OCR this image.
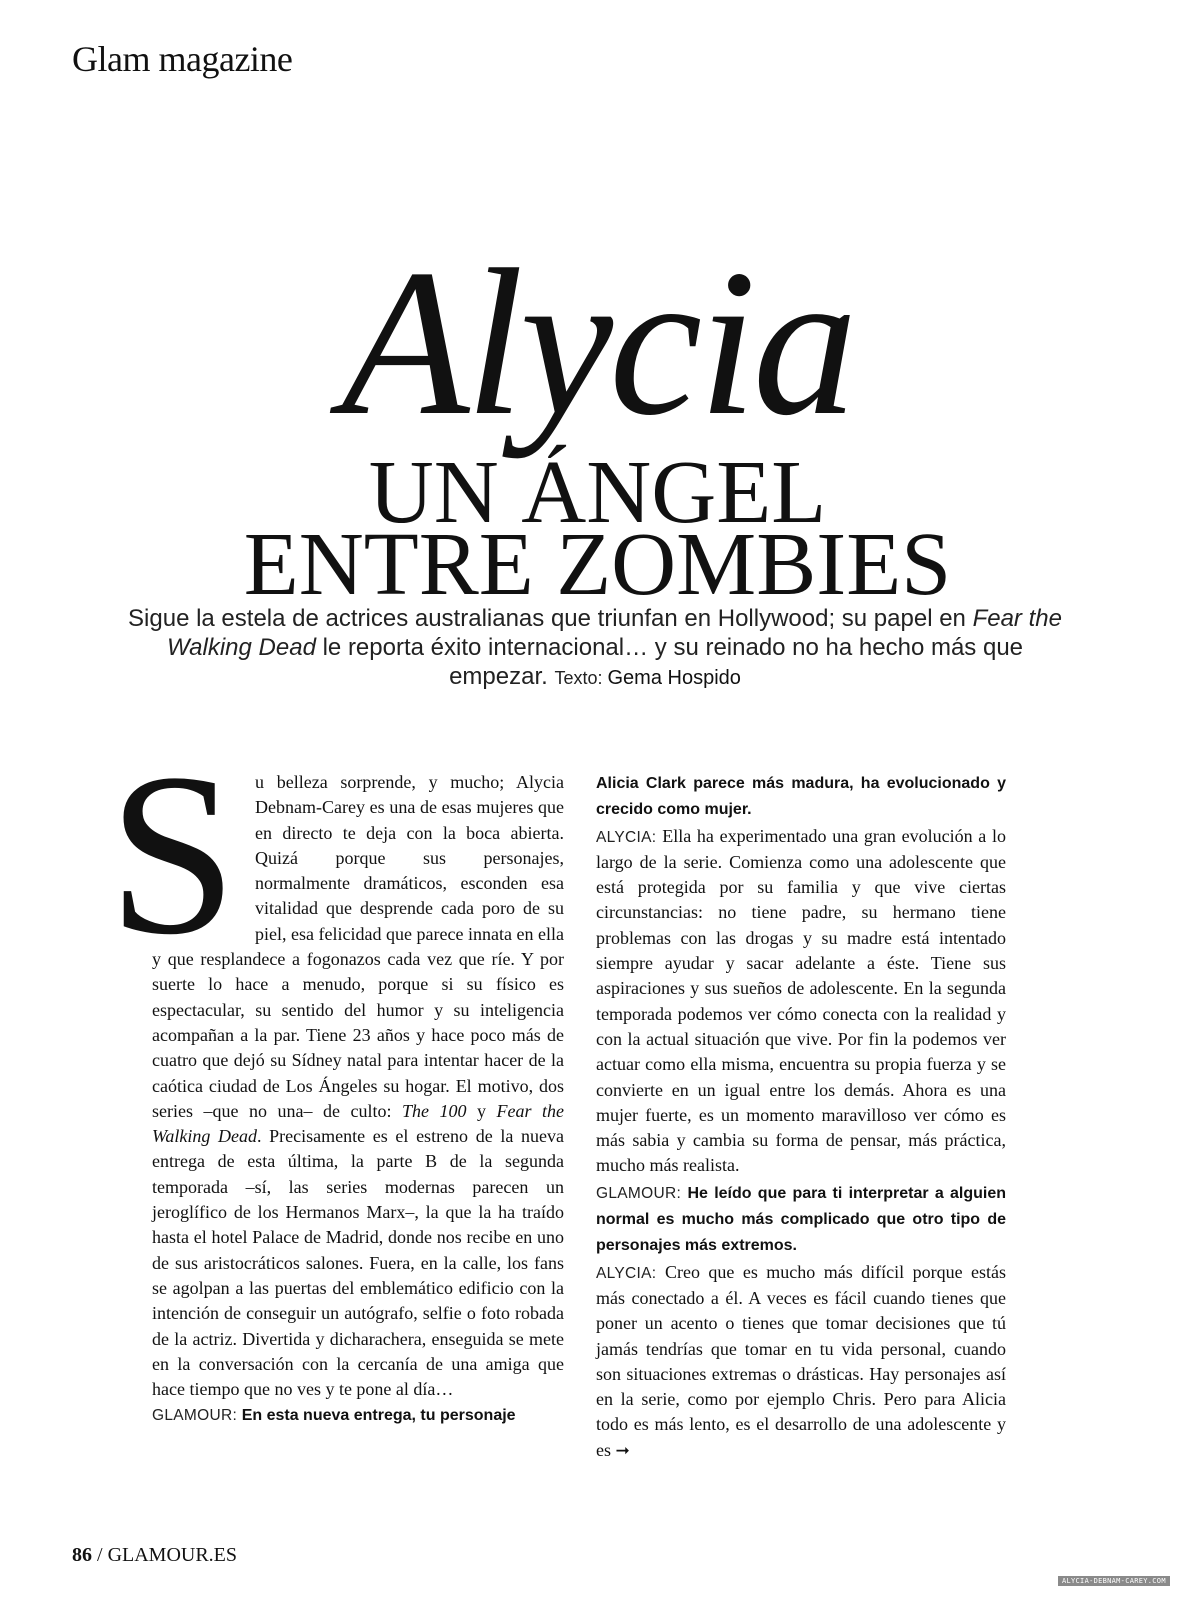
Glam magazine
Alycia
UN ÁNGEL
ENTRE ZOMBIES
Sigue la estela de actrices australianas que triunfan en Hollywood; su papel en Fear the Walking Dead le reporta éxito internacional… y su reinado no ha hecho más que empezar. Texto: Gema Hospido
S	u belleza sorprende, y mucho; Alycia Debnam-Carey es una de esas mujeres que en directo te deja con la boca abierta. Quizá porque sus personajes, normalmente dramáticos, esconden esa vitalidad que desprende cada poro de su piel, esa felicidad que parece innata en ella y que resplandece a fogonazos cada vez que ríe. Y por suerte lo hace a menudo, porque si su físico es espectacular, su sentido del humor y su inteligencia acompañan a la par. Tiene 23 años y hace poco más de cuatro que dejó su Sídney natal para intentar hacer de la caótica ciudad de Los Ángeles su hogar. El motivo, dos series –que no una– de culto: The 100 y Fear the Walking Dead. Precisamente es el estreno de la nueva entrega de esta última, la parte B de la segunda temporada –sí, las series modernas parecen un jeroglífico de los Hermanos Marx–, la que la ha traído hasta el hotel Palace de Madrid, donde nos recibe en uno de sus aristocráticos salones. Fuera, en la calle, los fans se agolpan a las puertas del emblemático edificio con la intención de conseguir un autógrafo, selfie o foto robada de la actriz. Divertida y dicharachera, enseguida se mete en la conversación con la cercanía de una amiga que hace tiempo que no ves y te pone al día…

GLAMOUR: En esta nueva entrega, tu personaje

Alicia Clark parece más madura, ha evolucionado y crecido como mujer.

ALYCIA: Ella ha experimentado una gran evolución a lo largo de la serie. Comienza como una adolescente que está protegida por su familia y que vive ciertas circunstancias: no tiene padre, su hermano tiene problemas con las drogas y su madre está intentado siempre ayudar y sacar adelante a éste. Tiene sus aspiraciones y sus sueños de adolescente. En la segunda temporada podemos ver cómo conecta con la realidad y con la actual situación que vive. Por fin la podemos ver actuar como ella misma, encuentra su propia fuerza y se convierte en un igual entre los demás. Ahora es una mujer fuerte, es un momento maravilloso ver cómo es más sabia y cambia su forma de pensar, más práctica, mucho más realista.

GLAMOUR: He leído que para ti interpretar a alguien normal es mucho más complicado que otro tipo de personajes más extremos.

ALYCIA: Creo que es mucho más difícil porque estás más conectado a él. A veces es fácil cuando tienes que poner un acento o tienes que tomar decisiones que tú jamás tendrías que tomar en tu vida personal, cuando son situaciones extremas o drásticas. Hay personajes así en la serie, como por ejemplo Chris. Pero para Alicia todo es más lento, es el desarrollo de una adolescente y es ➞

86 / GLAMOUR.ES

ALYCIA-DEBNAM-CAREY.COM
